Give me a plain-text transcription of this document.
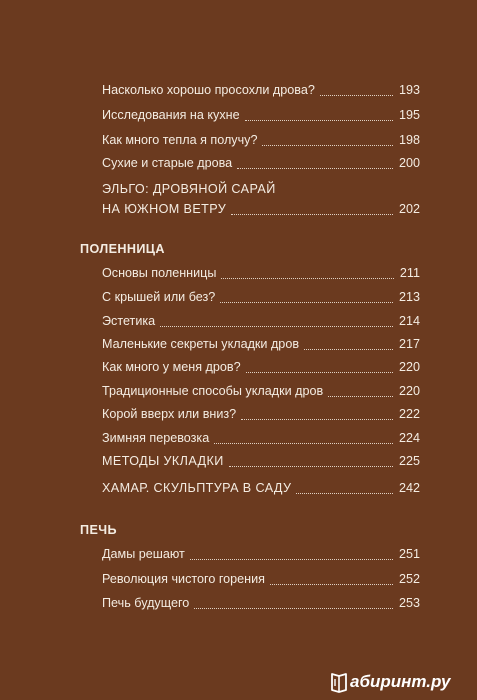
Насколько хорошо просохли дрова?	193
Исследования на кухне	195
Как много тепла я получу?	198
Сухие и старые дрова	200
ЭЛЬГО: ДРОВЯНОЙ САРАЙ
НА ЮЖНОМ ВЕТРУ	202
Основы поленницы	211
С крышей или без?	213
Эстетика	214
Маленькие секреты укладки дров	217
Как много у меня дров?	220
Традиционные способы укладки дров	220
Корой вверх или вниз?	222
Зимняя перевозка	224
МЕТОДЫ УКЛАДКИ	225
ХАМАР. СКУЛЬПТУРА В САДУ	242
Дамы решают	251
Революция чистого горения	252
Печь будущего	253
ПОЛЕННИЦА
ПЕЧЬ
абиринт.ру
